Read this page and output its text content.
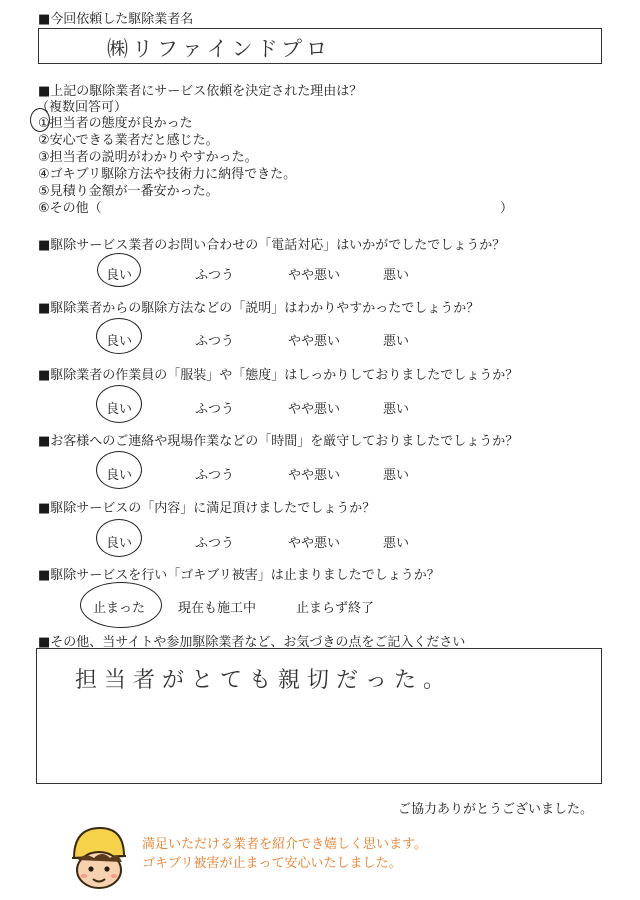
■今回依頼した駆除業者名
㈱リファインドプロ
■上記の駆除業者にサービス依頼を決定された理由は？
（複数回答可）
①担当者の態度が良かった
②安心できる業者だと感じた。
③担当者の説明がわかりやすかった。
④ゴキブリ駆除方法や技術力に納得できた。
⑤見積り金額が一番安かった。
⑥その他（	）
■駆除サービス業者のお問い合わせの「電話対応」はいかがでしたでしょうか？
良い	ふつう	やや悪い	悪い
■駆除業者からの駆除方法などの「説明」はわかりやすかったでしょうか？
良い	ふつう	やや悪い	悪い
■駆除業者の作業員の「服装」や「態度」はしっかりしておりましたでしょうか？
良い	ふつう	やや悪い	悪い
■お客様へのご連絡や現場作業などの「時間」を厳守しておりましたでしょうか？
良い	ふつう	やや悪い	悪い
■駆除サービスの「内容」に満足頂けましたでしょうか？
良い	ふつう	やや悪い	悪い
■駆除サービスを行い「ゴキブリ被害」は止まりましたでしょうか？
止まった	現在も施工中	止まらず終了
■その他、当サイトや参加駆除業者など、お気づきの点をご記入ください
担当者がとても親切だった。
ご協力ありがとうございました。
満足いただける業者を紹介でき嬉しく思います。
ゴキブリ被害が止まって安心いたしました。
